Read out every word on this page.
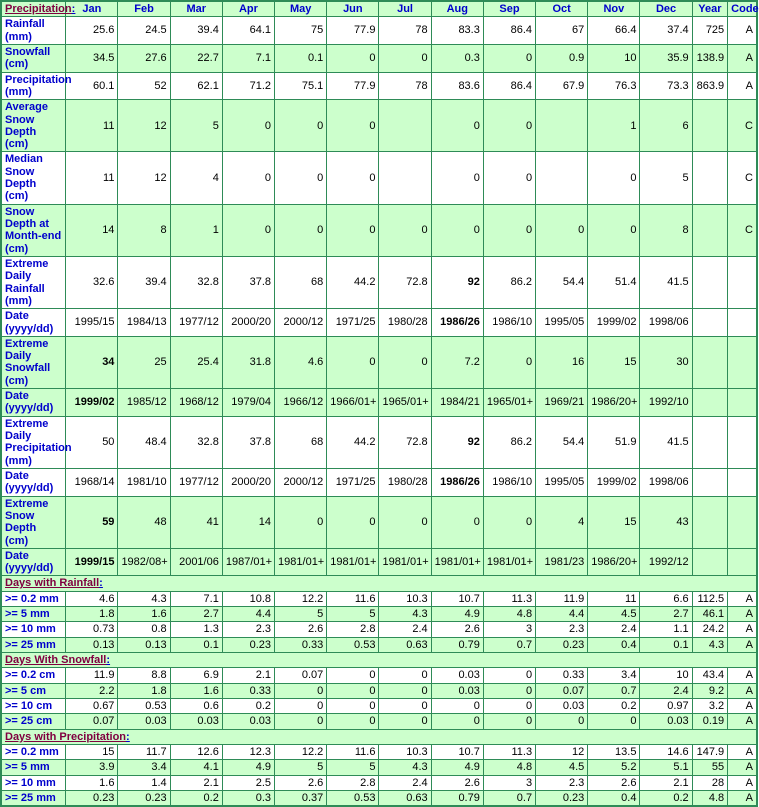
Precipitation:	Jan	Feb	Mar	Apr	May	Jun	Jul	Aug	Sep	Oct	Nov	Dec	Year	Code
Rainfall (mm)	25.6	24.5	39.4	64.1	75	77.9	78	83.3	86.4	67	66.4	37.4	725	A
Snowfall (cm)	34.5	27.6	22.7	7.1	0.1	0	0	0.3	0	0.9	10	35.9	138.9	A
Precipitation (mm)	60.1	52	62.1	71.2	75.1	77.9	78	83.6	86.4	67.9	76.3	73.3	863.9	A
Average Snow Depth (cm)	11	12	5	0	0	0		0	0		1	6		C
Median Snow Depth (cm)	11	12	4	0	0	0		0	0		0	5		C
Snow Depth at Month-end (cm)	14	8	1	0	0	0	0	0	0	0	0	8		C
Extreme Daily Rainfall (mm)	32.6	39.4	32.8	37.8	68	44.2	72.8	92	86.2	54.4	51.4	41.5		
Date (yyyy/dd)	1995/15	1984/13	1977/12	2000/20	2000/12	1971/25	1980/28	1986/26	1986/10	1995/05	1999/02	1998/06		
Extreme Daily Snowfall (cm)	34	25	25.4	31.8	4.6	0	0	7.2	0	16	15	30		
Date (yyyy/dd)	1999/02	1985/12	1968/12	1979/04	1966/12	1966/01+	1965/01+	1984/21	1965/01+	1969/21	1986/20+	1992/10		
Extreme Daily Precipitation (mm)	50	48.4	32.8	37.8	68	44.2	72.8	92	86.2	54.4	51.9	41.5		
Date (yyyy/dd)	1968/14	1981/10	1977/12	2000/20	2000/12	1971/25	1980/28	1986/26	1986/10	1995/05	1999/02	1998/06		
Extreme Snow Depth (cm)	59	48	41	14	0	0	0	0	0	4	15	43		
Date (yyyy/dd)	1999/15	1982/08+	2001/06	1987/01+	1981/01+	1981/01+	1981/01+	1981/01+	1981/01+	1981/23	1986/20+	1992/12		
Days with Rainfall:														
>= 0.2 mm	4.6	4.3	7.1	10.8	12.2	11.6	10.3	10.7	11.3	11.9	11	6.6	112.5	A
>= 5 mm	1.8	1.6	2.7	4.4	5	5	4.3	4.9	4.8	4.4	4.5	2.7	46.1	A
>= 10 mm	0.73	0.8	1.3	2.3	2.6	2.8	2.4	2.6	3	2.3	2.4	1.1	24.2	A
>= 25 mm	0.13	0.13	0.1	0.23	0.33	0.53	0.63	0.79	0.7	0.23	0.4	0.1	4.3	A
Days With Snowfall:														
>= 0.2 cm	11.9	8.8	6.9	2.1	0.07	0	0	0.03	0	0.33	3.4	10	43.4	A
>= 5 cm	2.2	1.8	1.6	0.33	0	0	0	0.03	0	0.07	0.7	2.4	9.2	A
>= 10 cm	0.67	0.53	0.6	0.2	0	0	0	0	0	0.03	0.2	0.97	3.2	A
>= 25 cm	0.07	0.03	0.03	0.03	0	0	0	0	0	0	0	0.03	0.19	A
Days with Precipitation:														
>= 0.2 mm	15	11.7	12.6	12.3	12.2	11.6	10.3	10.7	11.3	12	13.5	14.6	147.9	A
>= 5 mm	3.9	3.4	4.1	4.9	5	5	4.3	4.9	4.8	4.5	5.2	5.1	55	A
>= 10 mm	1.6	1.4	2.1	2.5	2.6	2.8	2.4	2.6	3	2.3	2.6	2.1	28	A
>= 25 mm	0.23	0.23	0.2	0.3	0.37	0.53	0.63	0.79	0.7	0.23	0.4	0.2	4.8	A
